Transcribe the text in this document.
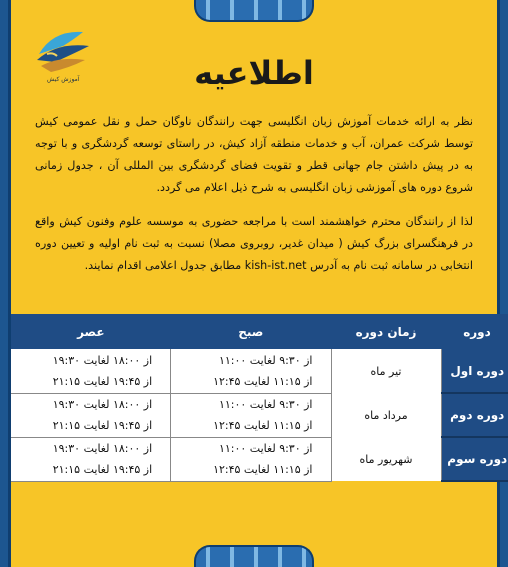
آموزش کیش	اطلاعیه
نظر به ارائه خدمات آموزش زبان انگلیسی جهت رانندگان ناوگان حمل و نقل عمومی کیش توسط شرکت عمران، آب و خدمات منطقه آزاد کیش، در راستای توسعه گردشگری و با توجه به در پیش داشتن جام جهانی قطر و تقویت فضای گردشگری بین المللی آن ، جدول زمانی شروع دوره های آموزشی زبان انگلیسی به شرح ذیل اعلام می گردد.
لذا از رانندگان محترم خواهشمند است با مراجعه حضوری به موسسه علوم وفنون کیش واقع در فرهنگسرای بزرگ کیش ( میدان غدیر، روبروی مصلا) نسبت به ثبت نام اولیه و تعیین دوره انتخابی در سامانه ثبت نام به آدرس kish-ist.net مطابق جدول اعلامی اقدام نمایند.
دوره	زمان دوره	صبح	عصر
دوره اول	تیر ماه	از ۹:۳۰ لغایت ۱۱:۰۰	از ۱۸:۰۰ لغایت ۱۹:۳۰
		از ۱۱:۱۵ لغایت ۱۲:۴۵	از ۱۹:۴۵ لغایت ۲۱:۱۵
دوره دوم	مرداد ماه	از ۹:۳۰ لغایت ۱۱:۰۰	از ۱۸:۰۰ لغایت ۱۹:۳۰
		از ۱۱:۱۵ لغایت ۱۲:۴۵	از ۱۹:۴۵ لغایت ۲۱:۱۵
دوره سوم	شهریور ماه	از ۹:۳۰ لغایت ۱۱:۰۰	از ۱۸:۰۰ لغایت ۱۹:۳۰
		از ۱۱:۱۵ لغایت ۱۲:۴۵	از ۱۹:۴۵ لغایت ۲۱:۱۵
